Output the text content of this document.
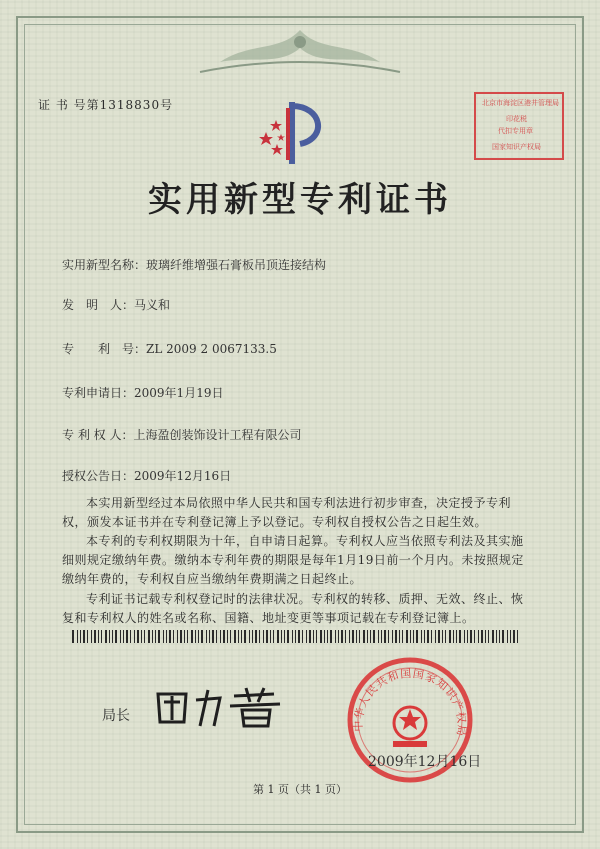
证 书 号第1318830号	北京市海淀区港井管理局
印花税
代扣专用章
国家知识产权局
实用新型专利证书
实用新型名称：玻璃纤维增强石膏板吊顶连接结构
发　明　人：马义和
专　　利　号：ZL 2009 2 0067133.5
专利申请日：2009年1月19日
专 利 权 人：上海盈创装饰设计工程有限公司
授权公告日：2009年12月16日
本实用新型经过本局依照中华人民共和国专利法进行初步审查，决定授予专利权，颁发本证书并在专利登记簿上予以登记。专利权自授权公告之日起生效。
本专利的专利权期限为十年，自申请日起算。专利权人应当依照专利法及其实施细则规定缴纳年费。缴纳本专利年费的期限是每年1月19日前一个月内。未按照规定缴纳年费的，专利权自应当缴纳年费期满之日起终止。
专利证书记载专利权登记时的法律状况。专利权的转移、质押、无效、终止、恢复和专利权人的姓名或名称、国籍、地址变更等事项记载在专利登记簿上。
局长
中华人民共和国国家知识产权局
2009年12月16日
第 1 页（共 1 页）
